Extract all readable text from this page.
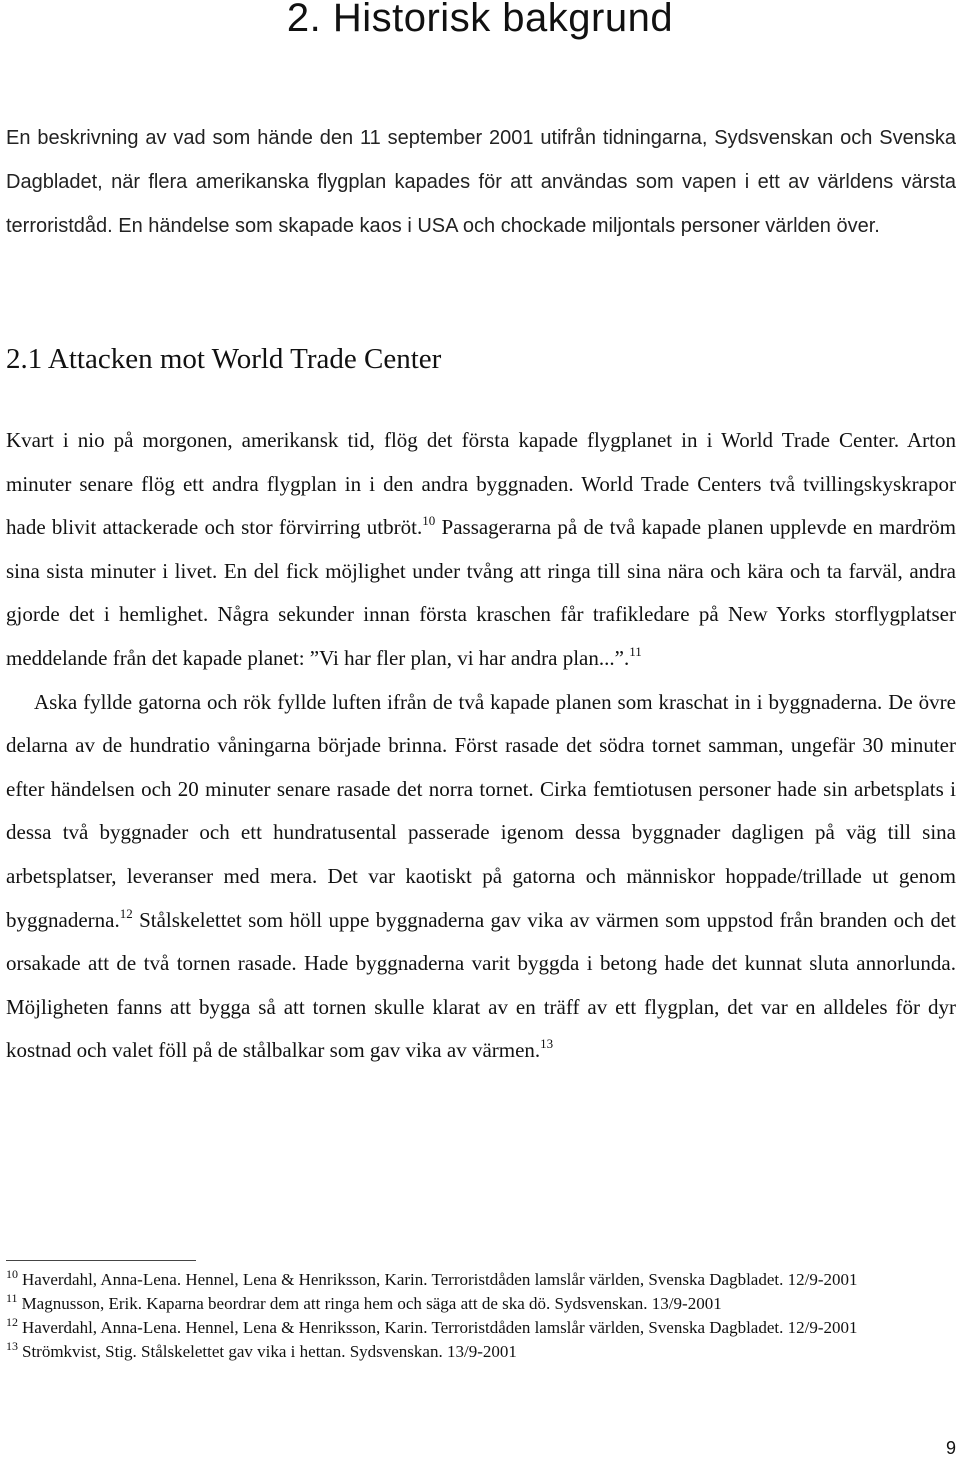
2. Historisk bakgrund

En beskrivning av vad som hände den 11 september 2001 utifrån tidningarna, Sydsvenskan och Svenska Dagbladet, när flera amerikanska flygplan kapades för att användas som vapen i ett av världens värsta terroristdåd. En händelse som skapade kaos i USA och chockade miljontals personer världen över.

2.1 Attacken mot World Trade Center

Kvart i nio på morgonen, amerikansk tid, flög det första kapade flygplanet in i World Trade Center. Arton minuter senare flög ett andra flygplan in i den andra byggnaden. World Trade Centers två tvillingskyskrapor hade blivit attackerade och stor förvirring utbröt.$^{10}$ Passagerarna på de två kapade planen upplevde en mardröm sina sista minuter i livet. En del fick möjlighet under tvång att ringa till sina nära och kära och ta farväl, andra gjorde det i hemlighet. Några sekunder innan första kraschen får trafikledare på New Yorks storflygplatser meddelande från det kapade planet: ”Vi har fler plan, vi har andra plan...”.$^{11}$

Aska fyllde gatorna och rök fyllde luften ifrån de två kapade planen som kraschat in i byggnaderna. De övre delarna av de hundratio våningarna började brinna. Först rasade det södra tornet samman, ungefär 30 minuter efter händelsen och 20 minuter senare rasade det norra tornet. Cirka femtiotusen personer hade sin arbetsplats i dessa två byggnader och ett hundratusental passerade igenom dessa byggnader dagligen på väg till sina arbetsplatser, leveranser med mera. Det var kaotiskt på gatorna och människor hoppade/trillade ut genom byggnaderna.$^{12}$ Stålskelettet som höll uppe byggnaderna gav vika av värmen som uppstod från branden och det orsakade att de två tornen rasade. Hade byggnaderna varit byggda i betong hade det kunnat sluta annorlunda. Möjligheten fanns att bygga så att tornen skulle klarat av en träff av ett flygplan, det var en alldeles för dyr kostnad och valet föll på de stålbalkar som gav vika av värmen.$^{13}$

$^{10}$ Haverdahl, Anna-Lena. Hennel, Lena & Henriksson, Karin. Terroristdåden lamslår världen, Svenska Dagbladet. 12/9-2001

$^{11}$ Magnusson, Erik. Kaparna beordrar dem att ringa hem och säga att de ska dö. Sydsvenskan. 13/9-2001

$^{12}$ Haverdahl, Anna-Lena. Hennel, Lena & Henriksson, Karin. Terroristdåden lamslår världen, Svenska Dagbladet. 12/9-2001

$^{13}$ Strömkvist, Stig. Stålskelettet gav vika i hettan. Sydsvenskan. 13/9-2001

9
